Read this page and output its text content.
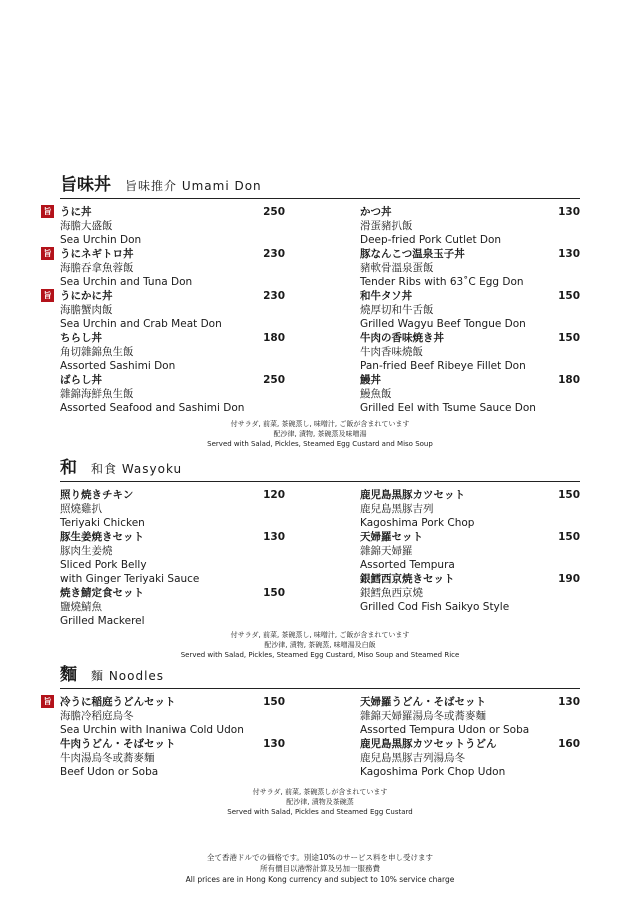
旨味丼 旨味推介 Umami Don
旨 うに丼
海膽大盛飯
Sea Urchin Don
250
旨 うにネギトロ丼
海膽吞拿魚蓉飯
Sea Urchin and Tuna Don
230
旨 うにかに丼
海膽蟹肉飯
Sea Urchin and Crab Meat Don
230
ちらし丼
角切雜錦魚生飯
Assorted Sashimi Don
180
ばらし丼
雜錦海鮮魚生飯
Assorted Seafood and Sashimi Don
250
かつ丼
滑蛋豬扒飯
Deep-fried Pork Cutlet Don
130
豚なんこつ温泉玉子丼
豬軟骨溫泉蛋飯
Tender Ribs with 63˚C Egg Don
130
和牛タソ丼
燒厚切和牛舌飯
Grilled Wagyu Beef Tongue Don
150
牛肉の香味焼き丼
牛肉香味燒飯
Pan-fried Beef Ribeye Fillet Don
150
鰻丼
鰻魚飯
Grilled Eel with Tsume Sauce Don
180
付サラダ, 前菜, 茶碗蒸し, 味噌汁, ご飯が含まれています
配沙律, 漬物, 茶碗蒸及味噌湯
Served with Salad, Pickles, Steamed Egg Custard and Miso Soup
和 和食 Wasyoku
照り焼きチキン
照燒雞扒
Teriyaki Chicken
120
豚生姜焼きセット
豚肉生姜燒
Sliced Pork Belly
with Ginger Teriyaki Sauce
130
焼き鯖定食セット
鹽燒鯖魚
Grilled Mackerel
150
鹿児島黒豚カツセット
鹿兒島黑豚吉列
Kagoshima Pork Chop
150
天婦羅セット
雜錦天婦羅
Assorted Tempura
150
銀鱈西京焼きセット
銀鱈魚西京燒
Grilled Cod Fish Saikyo Style
190
付サラダ, 前菜, 茶碗蒸し, 味噌汁, ご飯が含まれています
配沙律, 漬物, 茶碗蒸, 味噌湯及白飯
Served with Salad, Pickles, Steamed Egg Custard, Miso Soup and Steamed Rice
麵 麵 Noodles
旨 冷うに稲庭うどんセット
海膽冷稻庭烏冬
Sea Urchin with Inaniwa Cold Udon
150
牛肉うどん・そばセット
牛肉湯烏冬或蕎麥麵
Beef Udon or Soba
130
天婦羅うどん・そばセット
雜錦天婦羅湯烏冬或蕎麥麵
Assorted Tempura Udon or Soba
130
鹿児島黒豚カツセットうどん
鹿兒島黑豚吉列湯烏冬
Kagoshima Pork Chop Udon
160
付サラダ, 前菜, 茶碗蒸しが含まれています
配沙律, 漬物及茶碗蒸
Served with Salad, Pickles and Steamed Egg Custard
全て香港ドルでの価格です。別途10%のサービス料を申し受けます
所有價目以港幣計算及另加一服務費
All prices are in Hong Kong currency and subject to 10% service charge
